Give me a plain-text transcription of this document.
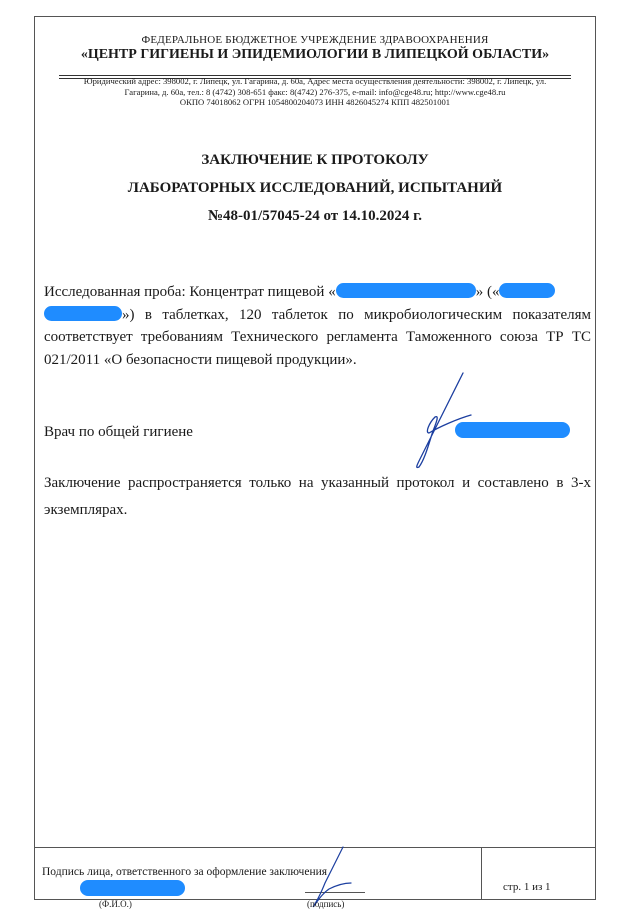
ФЕДЕРАЛЬНОЕ БЮДЖЕТНОЕ УЧРЕЖДЕНИЕ ЗДРАВООХРАНЕНИЯ
«ЦЕНТР ГИГИЕНЫ И ЭПИДЕМИОЛОГИИ В ЛИПЕЦКОЙ ОБЛАСТИ»
Юридический адрес: 398002, г. Липецк, ул. Гагарина, д. 60а, Адрес места осуществления деятельности: 398002, г. Липецк, ул.
Гагарина, д. 60а, тел.: 8 (4742) 308-651 факс: 8(4742) 276-375, e-mail: info@cge48.ru; http://www.cge48.ru
ОКПО 74018062 ОГРН 1054800204073 ИНН 4826045274 КПП 482501001
ЗАКЛЮЧЕНИЕ К ПРОТОКОЛУ
ЛАБОРАТОРНЫХ ИССЛЕДОВАНИЙ, ИСПЫТАНИЙ
№48-01/57045-24 от 14.10.2024 г.
Исследованная проба: Концентрат пищевой «	» («
») в таблетках, 120 таблеток по микробиологическим показателям соответствует требованиям Технического регламента Таможенного союза ТР ТС 021/2011 «О безопасности пищевой продукции».
Врач по общей гигиене
Заключение распространяется только на указанный протокол и составлено в 3-х экземплярах.
Подпись лица, ответственного за оформление заключения
(Ф.И.О.)	(подпись)
стр. 1 из 1
